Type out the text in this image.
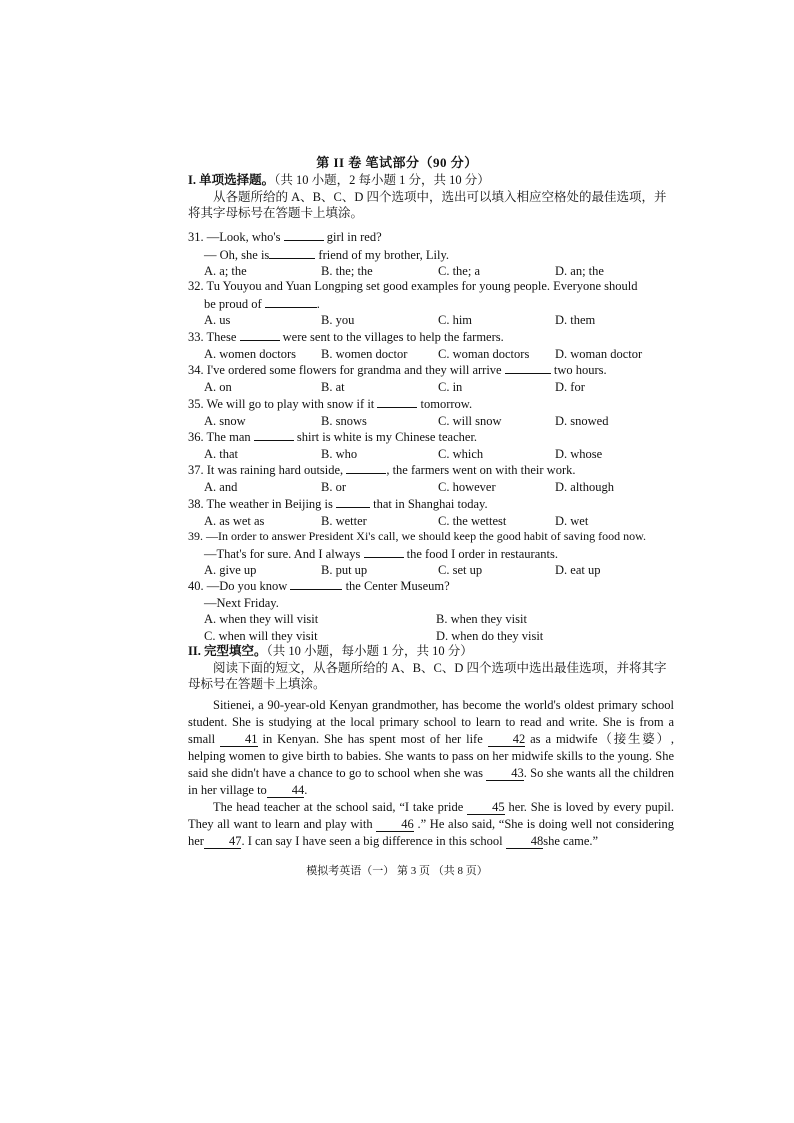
第 II 卷 笔试部分（90 分）
I. 单项选择题。（共 10 小题，2 每小题 1 分，共 10 分）
从各题所给的 A、B、C、D 四个选项中，选出可以填入相应空格处的最佳选项，并将其字母标号在答题卡上填涂。
31. —Look, who's	girl in red?
— Oh, she is	friend of my brother, Lily.
A. a; the	B. the; the	C. the; a	D. an; the
32. Tu Youyou and Yuan Longping set good examples for young people. Everyone should
be proud of	.
A. us	B. you	C. him	D. them
33. These	were sent to the villages to help the farmers.
A. women doctors	B. women doctor	C. woman doctors	D. woman doctor
34. I've ordered some flowers for grandma and they will arrive	two hours.
A. on	B. at	C. in	D. for
35. We will go to play with snow if it	tomorrow.
A. snow	B. snows	C. will snow	D. snowed
36. The man	shirt is white is my Chinese teacher.
A. that	B. who	C. which	D. whose
37. It was raining hard outside,	, the farmers went on with their work.
A. and	B. or	C. however	D. although
38. The weather in Beijing is	that in Shanghai today.
A. as wet as	B. wetter	C. the wettest	D. wet
39. —In order to answer President Xi's call, we should keep the good habit of saving food now.
—That's for sure. And I always	the food I order in restaurants.
A. give up	B. put up	C. set up	D. eat up
40. —Do you know	the Center Museum?
—Next Friday.
A. when they will visit	B. when they visit
C. when will they visit	D. when do they visit
II. 完型填空。（共 10 小题，每小题 1 分，共 10 分）
阅读下面的短文，从各题所给的 A、B、C、D 四个选项中选出最佳选项，并将其字母标号在答题卡上填涂。

Sitienei, a 90-year-old Kenyan grandmother, has become the world's oldest primary school student. She is studying at the local primary school to learn to read and write. She is from a small 41 in Kenyan. She has spent most of her life 42 as a midwife（接生婆）, helping women to give birth to babies. She wants to pass on her midwife skills to the young. She said she didn't have a chance to go to school when she was 43. So she wants all the children in her village to 44.

The head teacher at the school said, “I take pride 45 her. She is loved by every pupil. They all want to learn and play with 46 .” He also said, “She is doing well not considering her 47. I can say I have seen a big difference in this school 48she came.”

模拟考英语（一） 第 3 页 （共 8 页）
